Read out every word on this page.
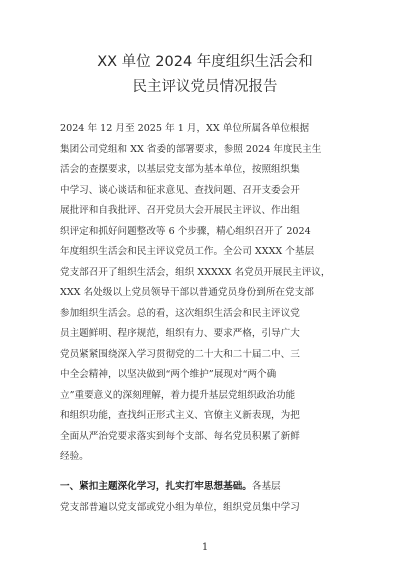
XX 单位 2024 年度组织生活会和
民主评议党员情况报告
2024 年 12 月至 2025 年 1 月，XX 单位所属各单位根据
集团公司党组和 XX 省委的部署要求，参照 2024 年度民主生
活会的查摆要求，以基层党支部为基本单位，按照组织集
中学习、谈心谈话和征求意见、查找问题、召开支委会开
展批评和自我批评、召开党员大会开展民主评议、作出组
织评定和抓好问题整改等 6 个步骤，精心组织召开了 2024
年度组织生活会和民主评议党员工作。全公司 XXXX 个基层
党支部召开了组织生活会，组织 XXXXX 名党员开展民主评议，
XXX 名处级以上党员领导干部以普通党员身份到所在党支部
参加组织生活会。总的看，这次组织生活会和民主评议党
员主题鲜明、程序规范，组织有力、要求严格，引导广大
党员紧紧围绕深入学习贯彻党的二十大和二十届二中、三
中全会精神，以坚决做到“两个维护”展现对“两个确
立”重要意义的深刻理解，着力提升基层党组织政治功能
和组织功能，查找纠正形式主义、官僚主义新表现，为把
全面从严治党要求落实到每个支部、每名党员积累了新鲜
经验。
一、紧扣主题深化学习，扎实打牢思想基础。各基层
党支部普遍以党支部或党小组为单位，组织党员集中学习
1
